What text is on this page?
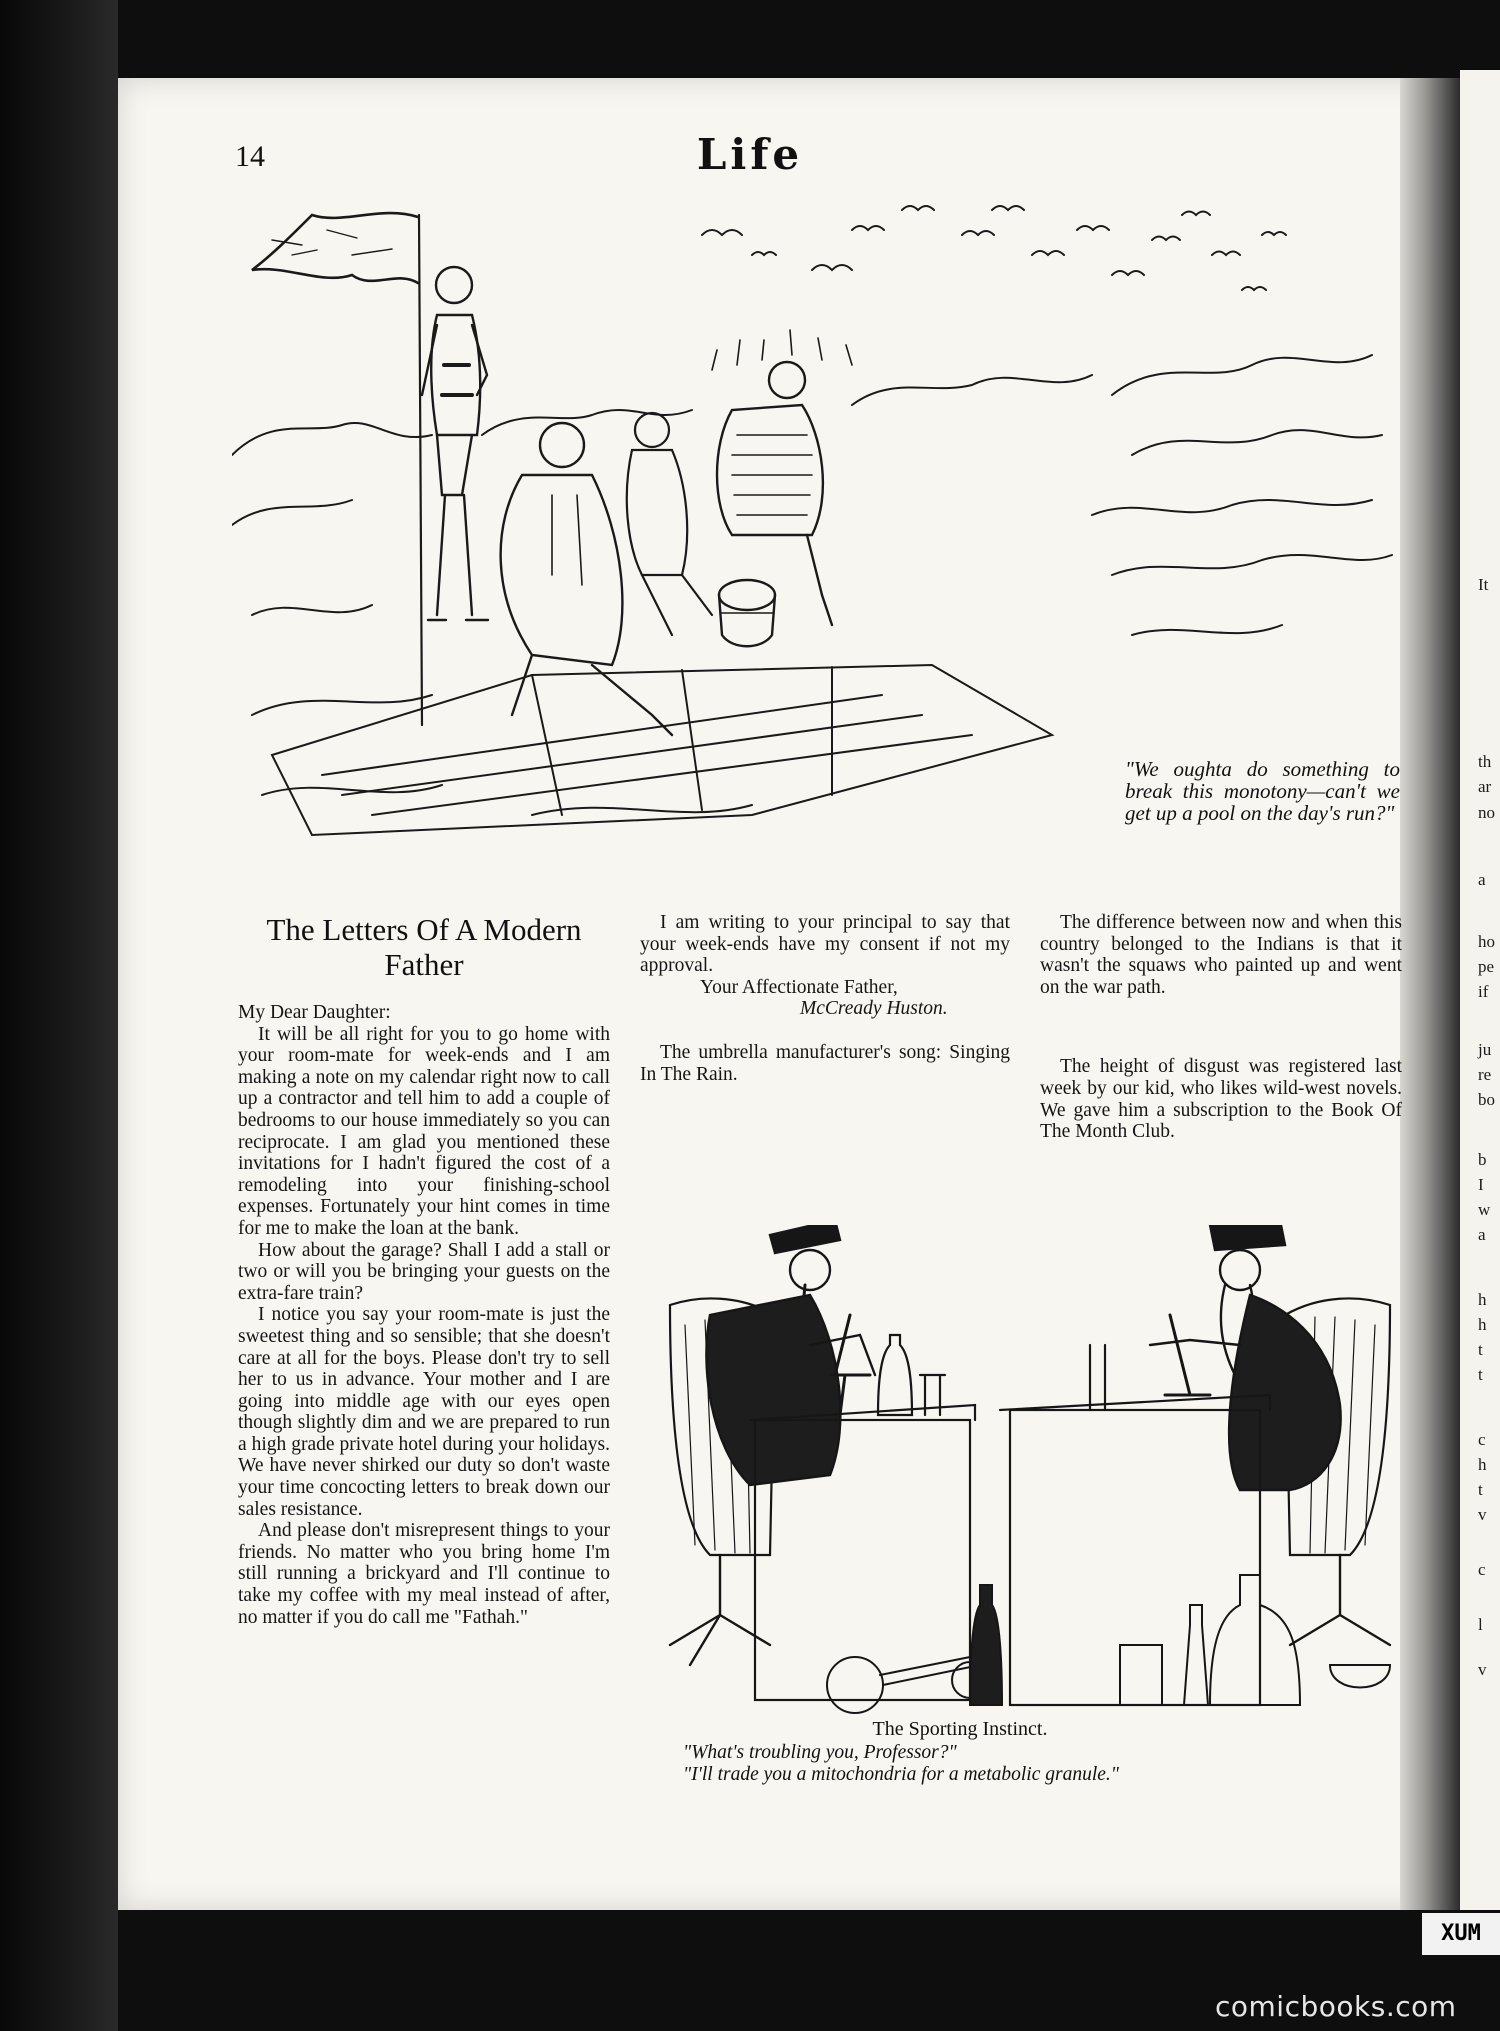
It
th
ar
no
a
ho
pe
if
ju
re
bo
b
I
w
a
h
h
t
t
c
h
t
v
c
l
v
14	Life
"We oughta do something to break this monotony—can't we get up a pool on the day's run?"
The Letters Of A Modern Father

My Dear Daughter:

It will be all right for you to go home with your room-mate for week-ends and I am making a note on my calendar right now to call up a contractor and tell him to add a couple of bedrooms to our house immediately so you can reciprocate. I am glad you mentioned these invitations for I hadn't figured the cost of a remodeling into your finishing-school expenses. Fortunately your hint comes in time for me to make the loan at the bank.

How about the garage? Shall I add a stall or two or will you be bringing your guests on the extra-fare train?

I notice you say your room-mate is just the sweetest thing and so sensible; that she doesn't care at all for the boys. Please don't try to sell her to us in advance. Your mother and I are going into middle age with our eyes open though slightly dim and we are prepared to run a high grade private hotel during your holidays. We have never shirked our duty so don't waste your time concocting letters to break down our sales resistance.

And please don't misrepresent things to your friends. No matter who you bring home I'm still running a brickyard and I'll continue to take my coffee with my meal instead of after, no matter if you do call me "Fathah."

I am writing to your principal to say that your week-ends have my consent if not my approval.

Your Affectionate Father,
McCready Huston.

The umbrella manufacturer's song: Singing In The Rain.

The difference between now and when this country belonged to the Indians is that it wasn't the squaws who painted up and went on the war path.

The height of disgust was registered last week by our kid, who likes wild-west novels. We gave him a subscription to the Book Of The Month Club.

The Sporting Instinct.
"What's troubling you, Professor?"
"I'll trade you a mitochondria for a metabolic granule."
XUM
comicbooks.com
